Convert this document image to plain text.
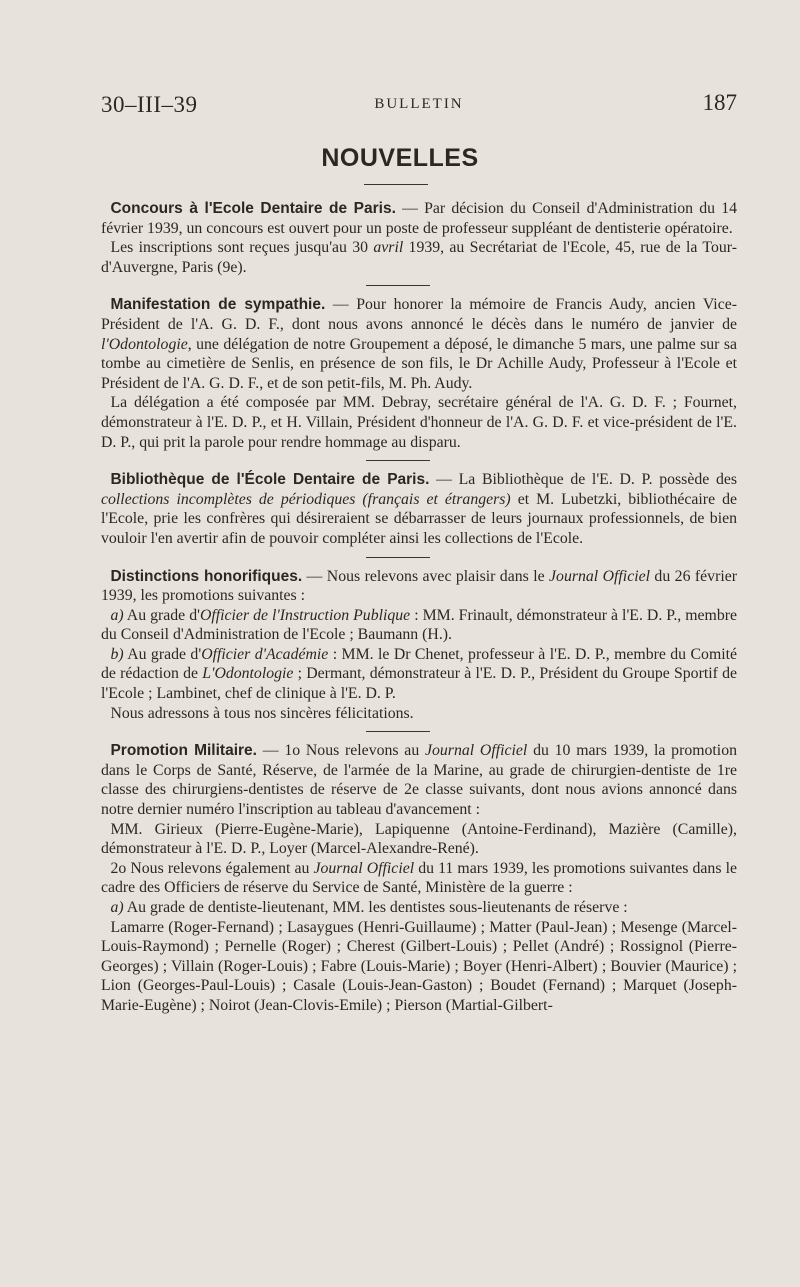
30–III–39	BULLETIN	187
NOUVELLES

Concours à l'Ecole Dentaire de Paris. — Par décision du Conseil d'Administration du 14 février 1939, un concours est ouvert pour un poste de professeur suppléant de dentisterie opératoire.

Les inscriptions sont reçues jusqu'au 30 avril 1939, au Secrétariat de l'Ecole, 45, rue de la Tour-d'Auvergne, Paris (9e).

Manifestation de sympathie. — Pour honorer la mémoire de Francis Audy, ancien Vice-Président de l'A. G. D. F., dont nous avons annoncé le décès dans le numéro de janvier de l'Odontologie, une délégation de notre Groupement a déposé, le dimanche 5 mars, une palme sur sa tombe au cimetière de Senlis, en présence de son fils, le Dr Achille Audy, Professeur à l'Ecole et Président de l'A. G. D. F., et de son petit-fils, M. Ph. Audy.

La délégation a été composée par MM. Debray, secrétaire général de l'A. G. D. F. ; Fournet, démonstrateur à l'E. D. P., et H. Villain, Président d'honneur de l'A. G. D. F. et vice-président de l'E. D. P., qui prit la parole pour rendre hommage au disparu.

Bibliothèque de l'École Dentaire de Paris. — La Bibliothèque de l'E. D. P. possède des collections incomplètes de périodiques (français et étrangers) et M. Lubetzki, bibliothécaire de l'Ecole, prie les confrères qui désireraient se débarrasser de leurs journaux professionnels, de bien vouloir l'en avertir afin de pouvoir compléter ainsi les collections de l'Ecole.

Distinctions honorifiques. — Nous relevons avec plaisir dans le Journal Officiel du 26 février 1939, les promotions suivantes :

a) Au grade d'Officier de l'Instruction Publique : MM. Frinault, démonstrateur à l'E. D. P., membre du Conseil d'Administration de l'Ecole ; Baumann (H.).

b) Au grade d'Officier d'Académie : MM. le Dr Chenet, professeur à l'E. D. P., membre du Comité de rédaction de L'Odontologie ; Dermant, démonstrateur à l'E. D. P., Président du Groupe Sportif de l'Ecole ; Lambinet, chef de clinique à l'E. D. P.

Nous adressons à tous nos sincères félicitations.

Promotion Militaire. — 1o Nous relevons au Journal Officiel du 10 mars 1939, la promotion dans le Corps de Santé, Réserve, de l'armée de la Marine, au grade de chirurgien-dentiste de 1re classe des chirurgiens-dentistes de réserve de 2e classe suivants, dont nous avions annoncé dans notre dernier numéro l'inscription au tableau d'avancement :

MM. Girieux (Pierre-Eugène-Marie), Lapiquenne (Antoine-Ferdinand), Mazière (Camille), démonstrateur à l'E. D. P., Loyer (Marcel-Alexandre-René).

2o Nous relevons également au Journal Officiel du 11 mars 1939, les promotions suivantes dans le cadre des Officiers de réserve du Service de Santé, Ministère de la guerre :

a) Au grade de dentiste-lieutenant, MM. les dentistes sous-lieutenants de réserve :

Lamarre (Roger-Fernand) ; Lasaygues (Henri-Guillaume) ; Matter (Paul-Jean) ; Mesenge (Marcel-Louis-Raymond) ; Pernelle (Roger) ; Cherest (Gilbert-Louis) ; Pellet (André) ; Rossignol (Pierre-Georges) ; Villain (Roger-Louis) ; Fabre (Louis-Marie) ; Boyer (Henri-Albert) ; Bouvier (Maurice) ; Lion (Georges-Paul-Louis) ; Casale (Louis-Jean-Gaston) ; Boudet (Fernand) ; Marquet (Joseph-Marie-Eugène) ; Noirot (Jean-Clovis-Emile) ; Pierson (Martial-Gilbert-
